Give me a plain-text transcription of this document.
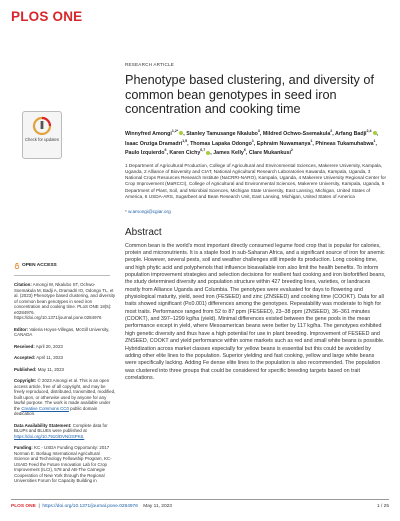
PLOS ONE
Check for updates
OPEN ACCESS
Citation: Amongi W, Nkalubo ST, Ochwo-Ssemakula M, Badji A, Dramadri IO, Odongo TL, et al. (2023) Phenotype based clustering, and diversity of common bean genotypes in seed iron concentration and cooking time. PLoS ONE 18(5): e0284976. https://doi.org/10.1371/journal.pone.0284976
Editor: Valeria Hoyos-Villegas, McGill University, CANADA
Received: April 20, 2023
Accepted: April 11, 2023
Published: May 11, 2023
Copyright: © 2023 Amongi et al. This is an open access article, free of all copyright, and may be freely reproduced, distributed, transmitted, modified, built upon, or otherwise used by anyone for any lawful purpose. The work is made available under the Creative Commons CC0 public domain dedication.
Data Availability Statement: Complete data for BLUPs and BLUEs were published at https://doi.org/10.7910/DVN/2SPK6.
Funding: KC - USDA Funding Opportunity: 2017 Norman E. Borlaug International Agricultural Science and Technology Fellowship Program, KC-USAID Feed the Future Innovation Lab for Crop Improvement (ILCI), 578 and AB-The Carnegie Cooperation of New York through the Regional Universities Forum for Capacity Building in
RESEARCH ARTICLE
Phenotype based clustering, and diversity of common bean genotypes in seed iron concentration and cooking time
Winnyfred Amongi$^{1,2*}$ , Stanley Tamusange Nkalubo$^3$, Mildred Ochwo-Ssemakula$^2$, Arfang Badji$^{2,4}$ , Isaac Onziga Dramadri$^{1,5}$, Thomas Lapaka Odongo$^1$, Ephraim Nuwamanya$^1$, Phineas Tukamuhabwa$^1$, Paulo Izquierdo$^6$, Karen Cichy$^{6,7}$ , James Kelly$^6$, Clare Mukankusi$^2$
1 Department of Agricultural Production, College of Agricultural and Environmental Sciences, Makerere University, Kampala, Uganda, 2 Alliance of Bioversity and CIAT, National Agricultural Research Laboratories Kawanda, Kampala, Uganda, 3 National Crops Resources Research Institute (NaCRRI-NARO), Kampala, Uganda, 4 Makerere University Regional Center for Crop Improvement (MaRCCI), College of Agricultural and Environmental Sciences, Makerere University, Kampala, Uganda, 5 Department of Plant, Soil, and Microbial Sciences, Michigan State University, East Lansing, Michigan, United States of America, 6 USDA-ARS, Sugarbeet and Bean Research Unit, East Lansing, Michigan, United States of America
* w.amongi@cgiar.org
Abstract
Common bean is the world’s most important directly consumed legume food crop that is popular for calories, protein and micronutrients. It is a staple food in sub-Saharan Africa, and a significant source of iron for anemic people. However, several pests, soil and weather challenges still impede its production. Long cooking time, and high phytic acid and polyphenols that influence bioavailable iron also limit the health benefits. To inform population improvement strategies and selection decisions for resilient fast cooking and iron biofortified beans, the study determined diversity and population structure within 427 breeding lines, varieties, or landraces mostly from Alliance Uganda and Columbia. The genotypes were evaluated for days to flowering and physiological maturity, yield, seed iron (FESEED) and zinc (ZNSEED) and cooking time (COOKT). Data for all traits showed significant (P≤0.001) differences among the genotypes. Repeatability was moderate to high for most traits. Performance ranged from 52 to 87 ppm (FESEED), 23–38 ppm (ZNSEED), 36–361 minutes (COOKT), and 397–1299 kg/ha (yield). Minimal differences existed between the gene pools in the mean performance except in yield, where Mesoamerican beans were better by 117 kg/ha. The genotypes exhibited high genetic diversity and thus have a high potential for use in plant breeding. Improvement of FESEED and ZNSEED, COOKT and yield performance within some markets such as red and small white beans is possible. Hybridization across market classes especially for yellow beans is essential but this could be avoided by adding other elite lines to the population. Superior yielding and fast cooking, yellow and large white beans were specifically lacking. Adding Fe dense elite lines to the population is also recommended. The population was clustered into three groups that could be considered for specific breeding targets based on trait correlations.
PLOS ONE  |  https://doi.org/10.1371/journal.pone.0284976 May 11, 2023	1 / 25
